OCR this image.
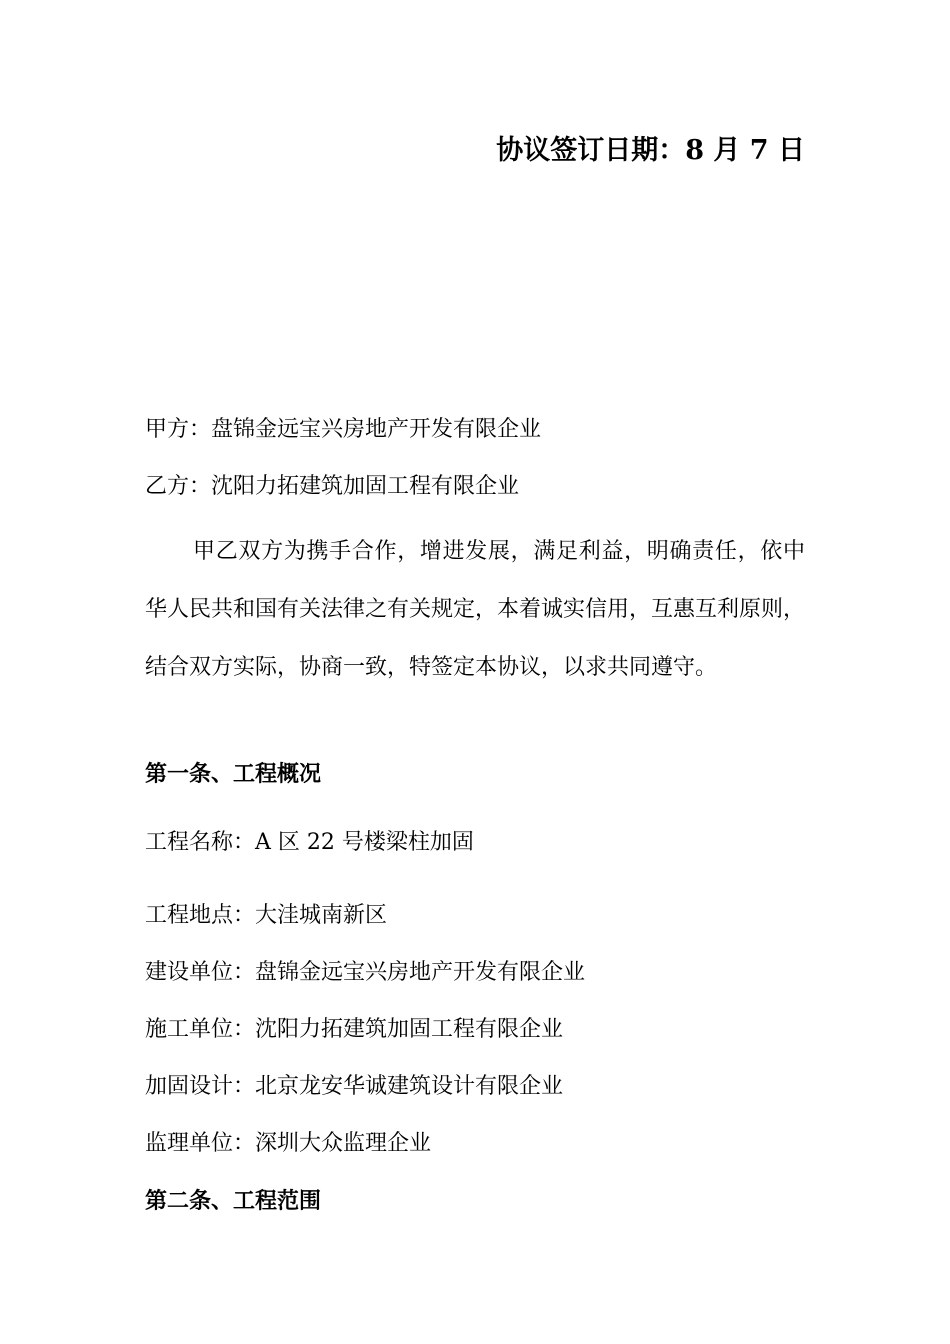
协议签订日期：8 月 7 日
甲方：盘锦金远宝兴房地产开发有限企业
乙方：沈阳力拓建筑加固工程有限企业
甲乙双方为携手合作，增进发展，满足利益，明确责任，依中华人民共和国有关法律之有关规定，本着诚实信用，互惠互利原则，结合双方实际，协商一致，特签定本协议，以求共同遵守。
第一条、工程概况
工程名称：A 区 22 号楼梁柱加固
工程地点：大洼城南新区
建设单位：盘锦金远宝兴房地产开发有限企业
施工单位：沈阳力拓建筑加固工程有限企业
加固设计：北京龙安华诚建筑设计有限企业
监理单位：深圳大众监理企业
第二条、工程范围
